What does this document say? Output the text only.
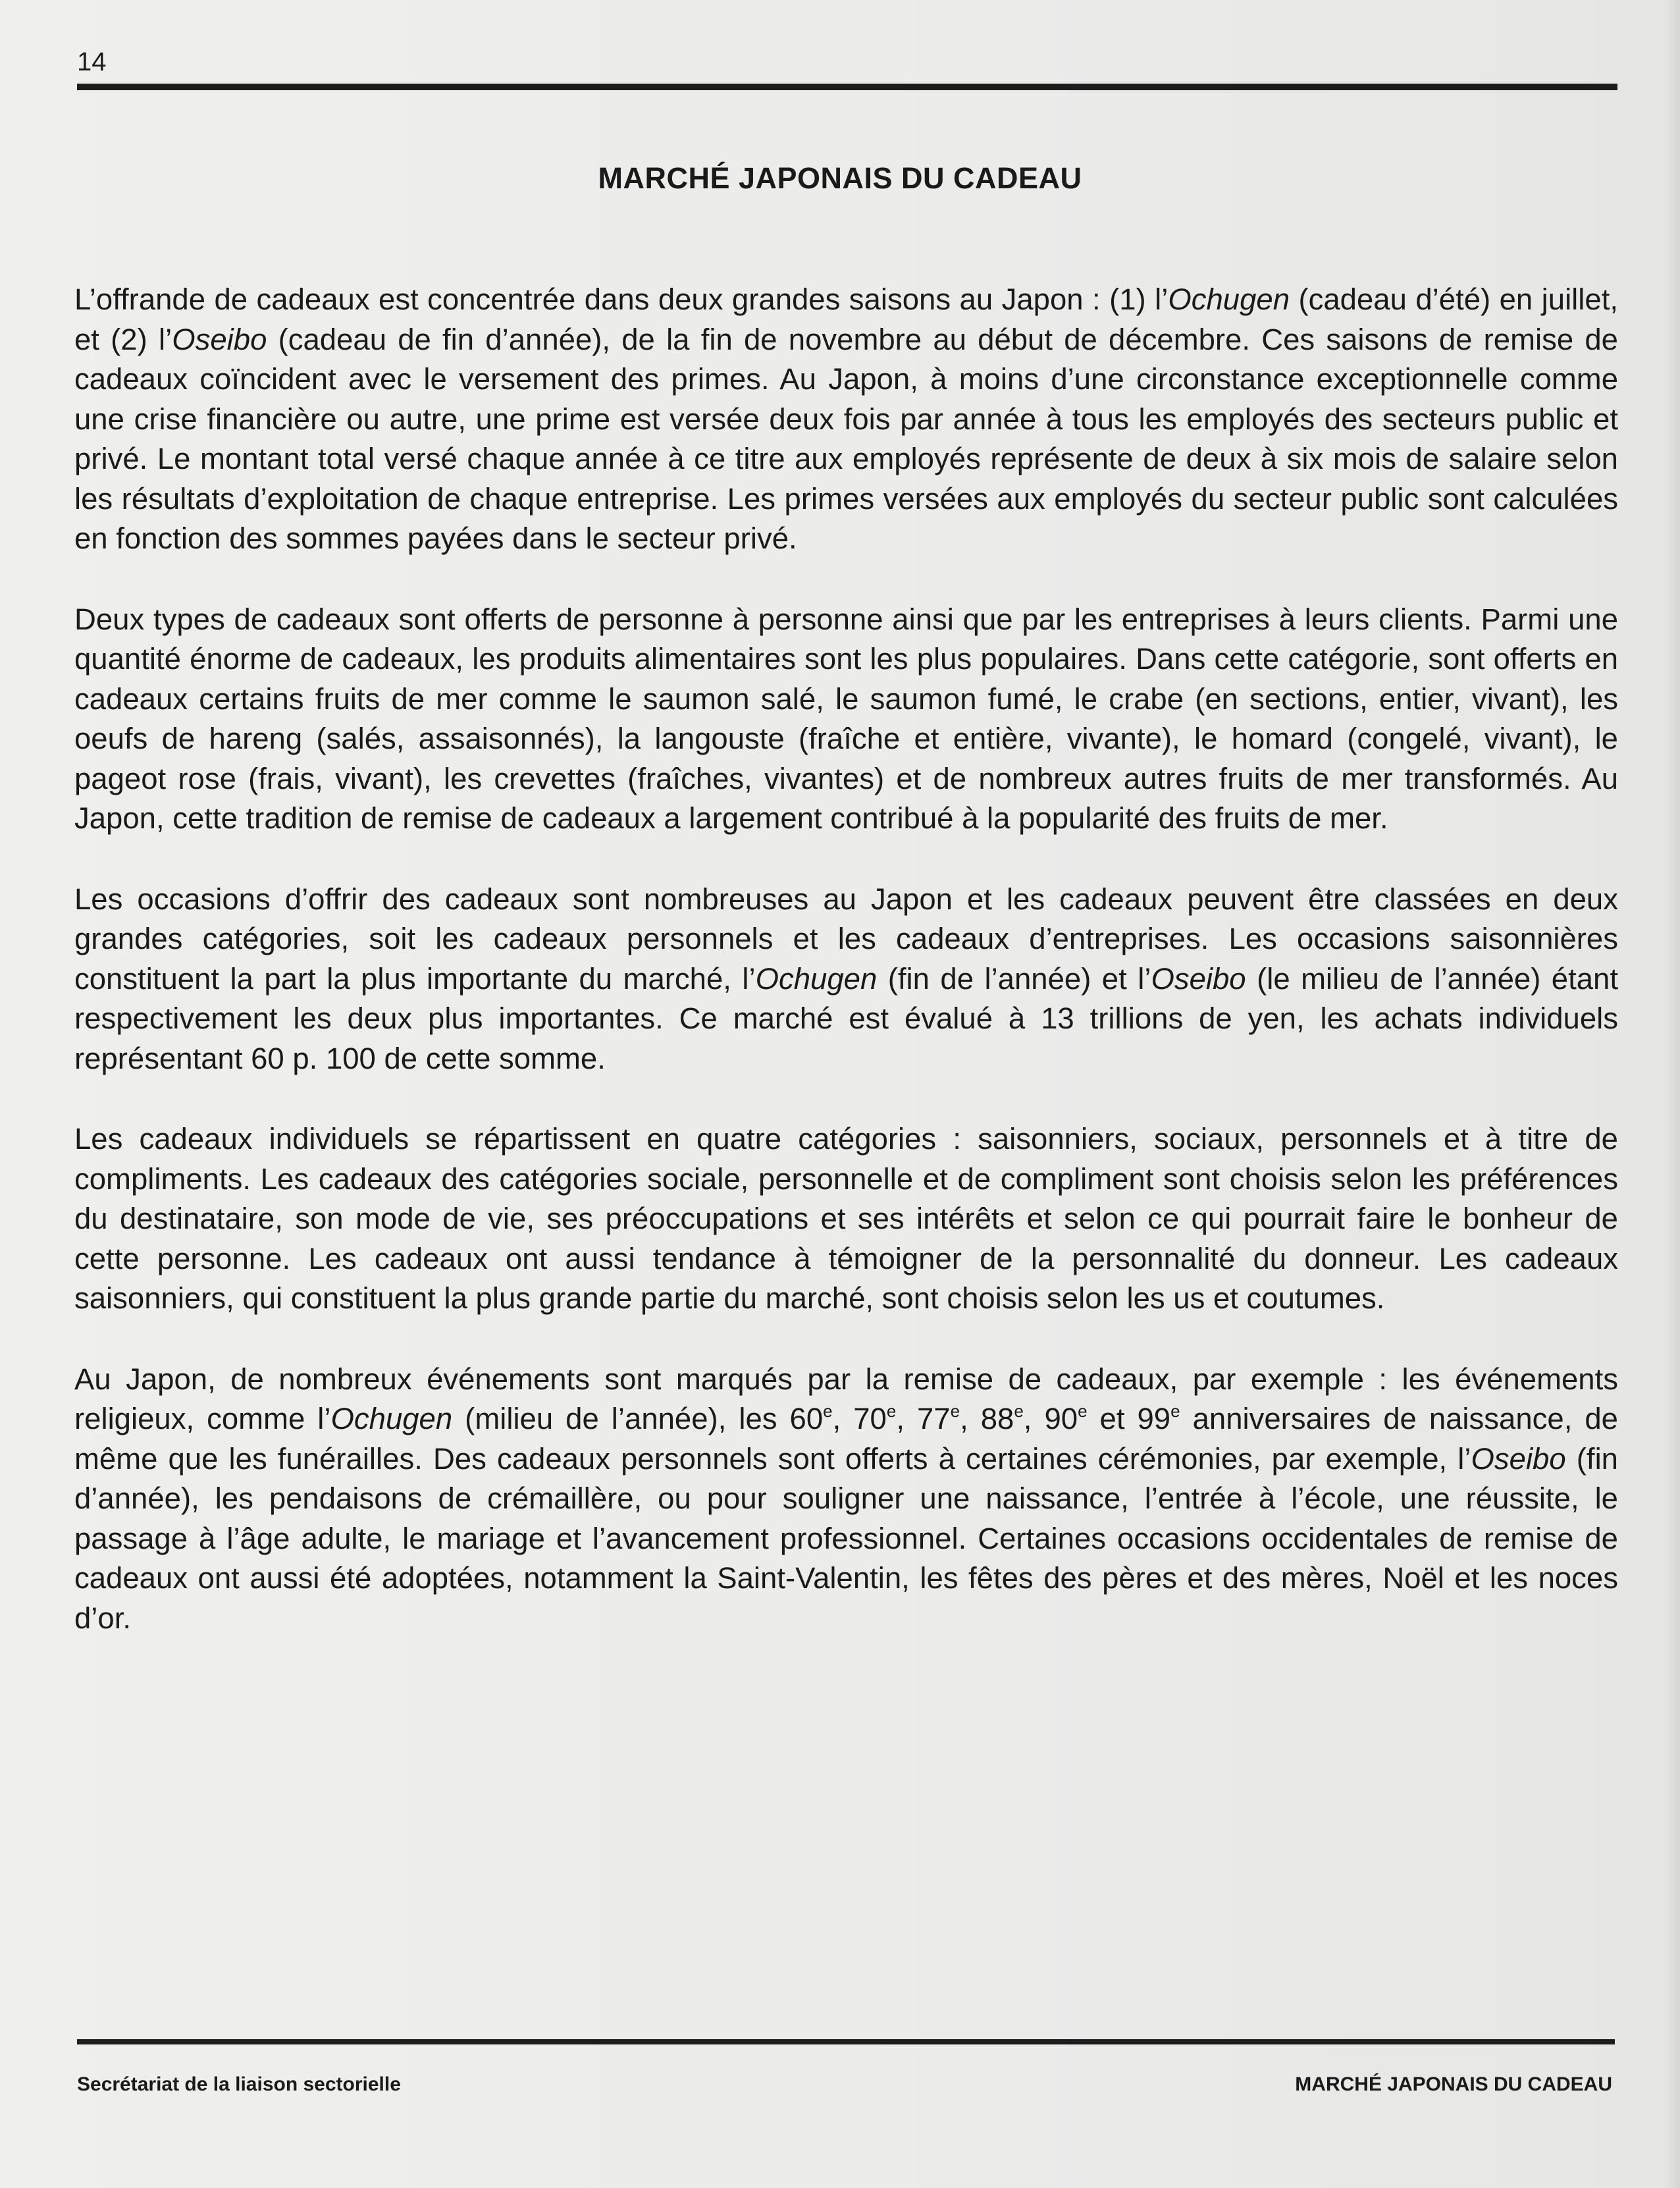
14
MARCHÉ JAPONAIS DU CADEAU

L’offrande de cadeaux est concentrée dans deux grandes saisons au Japon : (1) l’Ochugen (cadeau d’été) en juillet, et (2) l’Oseibo (cadeau de fin d’année), de la fin de novembre au début de décembre. Ces saisons de remise de cadeaux coïncident avec le versement des primes. Au Japon, à moins d’une circonstance exceptionnelle comme une crise financière ou autre, une prime est versée deux fois par année à tous les employés des secteurs public et privé. Le montant total versé chaque année à ce titre aux employés représente de deux à six mois de salaire selon les résultats d’exploitation de chaque entreprise. Les primes versées aux employés du secteur public sont calculées en fonction des sommes payées dans le secteur privé.

Deux types de cadeaux sont offerts de personne à personne ainsi que par les entreprises à leurs clients. Parmi une quantité énorme de cadeaux, les produits alimentaires sont les plus populaires. Dans cette catégorie, sont offerts en cadeaux certains fruits de mer comme le saumon salé, le saumon fumé, le crabe (en sections, entier, vivant), les oeufs de hareng (salés, assaisonnés), la langouste (fraîche et entière, vivante), le homard (congelé, vivant), le pageot rose (frais, vivant), les crevettes (fraîches, vivantes) et de nombreux autres fruits de mer transformés. Au Japon, cette tradition de remise de cadeaux a largement contribué à la popularité des fruits de mer.

Les occasions d’offrir des cadeaux sont nombreuses au Japon et les cadeaux peuvent être classées en deux grandes catégories, soit les cadeaux personnels et les cadeaux d’entreprises. Les occasions saisonnières constituent la part la plus importante du marché, l’Ochugen (fin de l’année) et l’Oseibo (le milieu de l’année) étant respectivement les deux plus importantes. Ce marché est évalué à 13 trillions de yen, les achats individuels représentant 60 p. 100 de cette somme.

Les cadeaux individuels se répartissent en quatre catégories : saisonniers, sociaux, personnels et à titre de compliments. Les cadeaux des catégories sociale, personnelle et de compliment sont choisis selon les préférences du destinataire, son mode de vie, ses préoccupations et ses intérêts et selon ce qui pourrait faire le bonheur de cette personne. Les cadeaux ont aussi tendance à témoigner de la personnalité du donneur. Les cadeaux saisonniers, qui constituent la plus grande partie du marché, sont choisis selon les us et coutumes.

Au Japon, de nombreux événements sont marqués par la remise de cadeaux, par exemple : les événements religieux, comme l’Ochugen (milieu de l’année), les 60e, 70e, 77e, 88e, 90e et 99e anniversaires de naissance, de même que les funérailles. Des cadeaux personnels sont offerts à certaines cérémonies, par exemple, l’Oseibo (fin d’année), les pendaisons de crémaillère, ou pour souligner une naissance, l’entrée à l’école, une réussite, le passage à l’âge adulte, le mariage et l’avancement professionnel. Certaines occasions occidentales de remise de cadeaux ont aussi été adoptées, notamment la Saint-Valentin, les fêtes des pères et des mères, Noël et les noces d’or.

Secrétariat de la liaison sectorielle	MARCHÉ JAPONAIS DU CADEAU
